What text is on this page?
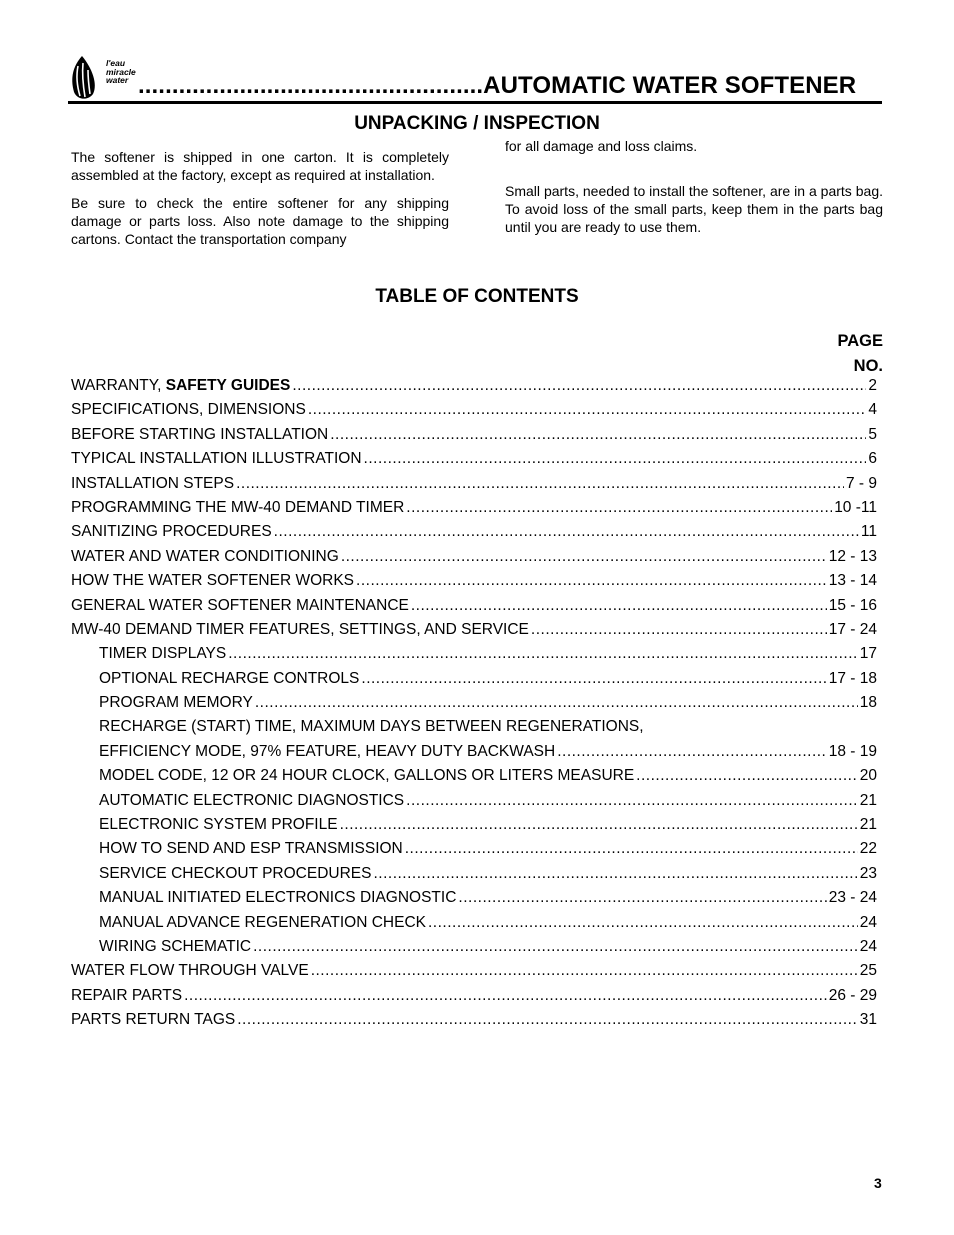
l'eau
miracle
water ...................................................AUTOMATIC WATER SOFTENER
UNPACKING / INSPECTION

The softener is shipped in one carton. It is completely assembled at the factory, except as required at installation.

Be sure to check the entire softener for any shipping damage or parts loss. Also note damage to the shipping cartons. Contact the transportation company

for all damage and loss claims.

Small parts, needed to install the softener, are in a parts bag. To avoid loss of the small parts, keep them in the parts bag until you are ready to use them.

TABLE OF CONTENTS
PAGE
NO.
WARRANTY, SAFETY GUIDES .....	2
SPECIFICATIONS, DIMENSIONS .....	4
BEFORE STARTING INSTALLATION .....	5
TYPICAL INSTALLATION ILLUSTRATION .....	6
INSTALLATION STEPS .....	7 - 9
PROGRAMMING THE MW-40 DEMAND TIMER .....	10 -11
SANITIZING PROCEDURES .....	11
WATER AND WATER CONDITIONING .....	12 - 13
HOW THE WATER SOFTENER WORKS .....	13 - 14
GENERAL WATER SOFTENER MAINTENANCE .....	15 - 16
MW-40 DEMAND TIMER FEATURES, SETTINGS, AND SERVICE .....	17 - 24
TIMER DISPLAYS .....	17
OPTIONAL RECHARGE CONTROLS .....	17 - 18
PROGRAM MEMORY .....	18
RECHARGE (START) TIME, MAXIMUM DAYS BETWEEN REGENERATIONS,
EFFICIENCY MODE, 97% FEATURE, HEAVY DUTY BACKWASH .....	18 - 19
MODEL CODE, 12 OR 24 HOUR CLOCK, GALLONS OR LITERS MEASURE .....	20
AUTOMATIC ELECTRONIC DIAGNOSTICS .....	21
ELECTRONIC SYSTEM PROFILE .....	21
HOW TO SEND AND ESP TRANSMISSION .....	22
SERVICE CHECKOUT PROCEDURES .....	23
MANUAL INITIATED ELECTRONICS DIAGNOSTIC .....	23 - 24
MANUAL ADVANCE REGENERATION CHECK .....	24
WIRING SCHEMATIC .....	24
WATER FLOW THROUGH VALVE .....	25
REPAIR PARTS .....	26 - 29
PARTS RETURN TAGS .....	31
3
